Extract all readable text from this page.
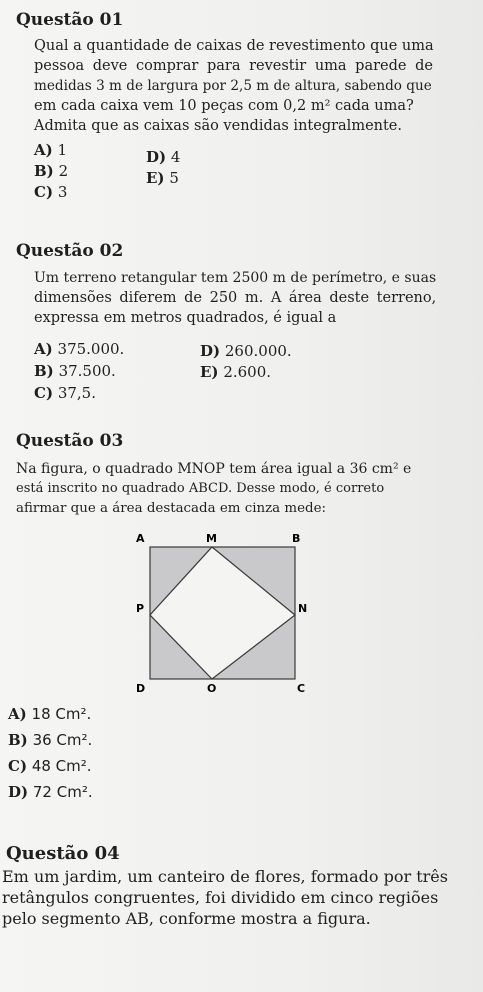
Questão 01
Qual a quantidade de caixas de revestimento que uma
pessoa deve comprar para revestir uma parede de
medidas 3 m de largura por 2,5 m de altura, sabendo que
em cada caixa vem 10 peças com 0,2 m² cada uma?
Admita que as caixas são vendidas integralmente.
A) 1
B) 2
C) 3
D) 4
E) 5
Questão 02
Um terreno retangular tem 2500 m de perímetro, e suas
dimensões diferem de 250 m. A área deste terreno,
expressa em metros quadrados, é igual a
A) 375.000.
B) 37.500.
C) 37,5.
D) 260.000.
E) 2.600.
Questão 03
Na figura, o quadrado MNOP tem área igual a 36 cm² e
está inscrito no quadrado ABCD. Desse modo, é correto
afirmar que a área destacada em cinza mede:
A	M	B
P	N
D	O	C
A) 18 Cm².
B) 36 Cm².
C) 48 Cm².
D) 72 Cm².
Questão 04
Em um jardim, um canteiro de flores, formado por três
retângulos congruentes, foi dividido em cinco regiões
pelo segmento AB, conforme mostra a figura.
